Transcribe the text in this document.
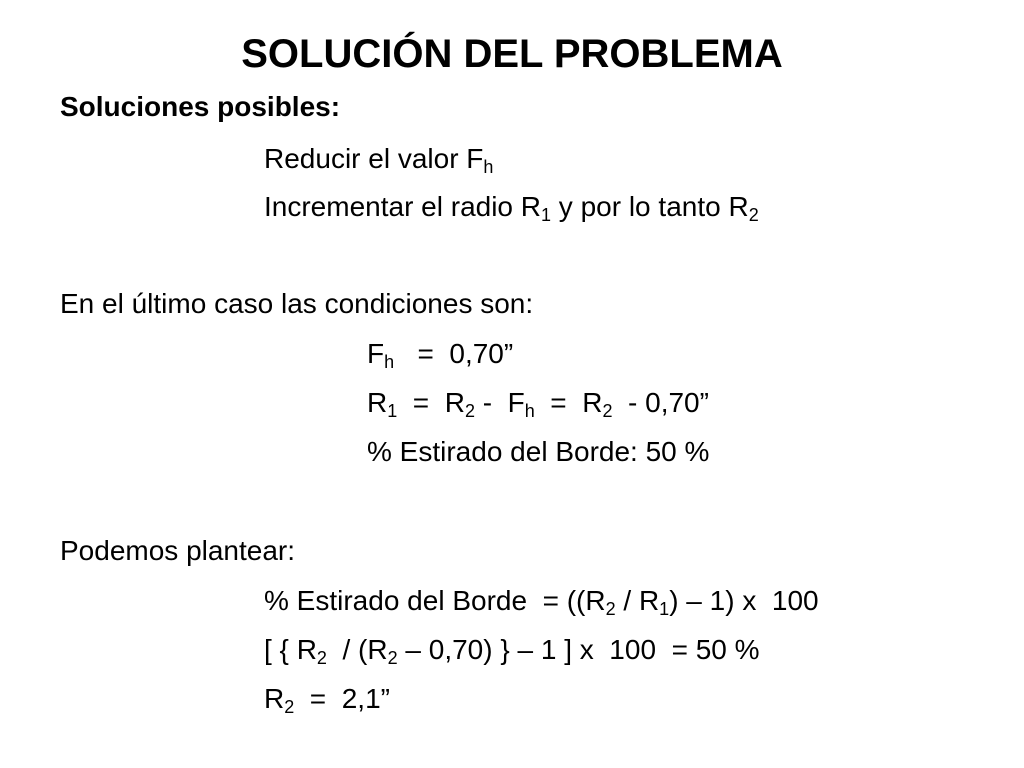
SOLUCIÓN DEL PROBLEMA
Soluciones posibles:
Reducir el valor $F_h$
Incrementar el radio $R_1$ y por lo tanto $R_2$
En el último caso las condiciones son:
$F_h = 0,70$”
$R_1 = R_2 - F_h = R_2 - 0,70$”
% Estirado del Borde: 50 %
Podemos plantear:
% Estirado del Borde  = $((R_2 / R_1) - 1)$ x  100
[ { $R_2 / (R_2 - 0,70)$ } – 1 ] x  100  = 50 %
$R_2 = 2,1$”
